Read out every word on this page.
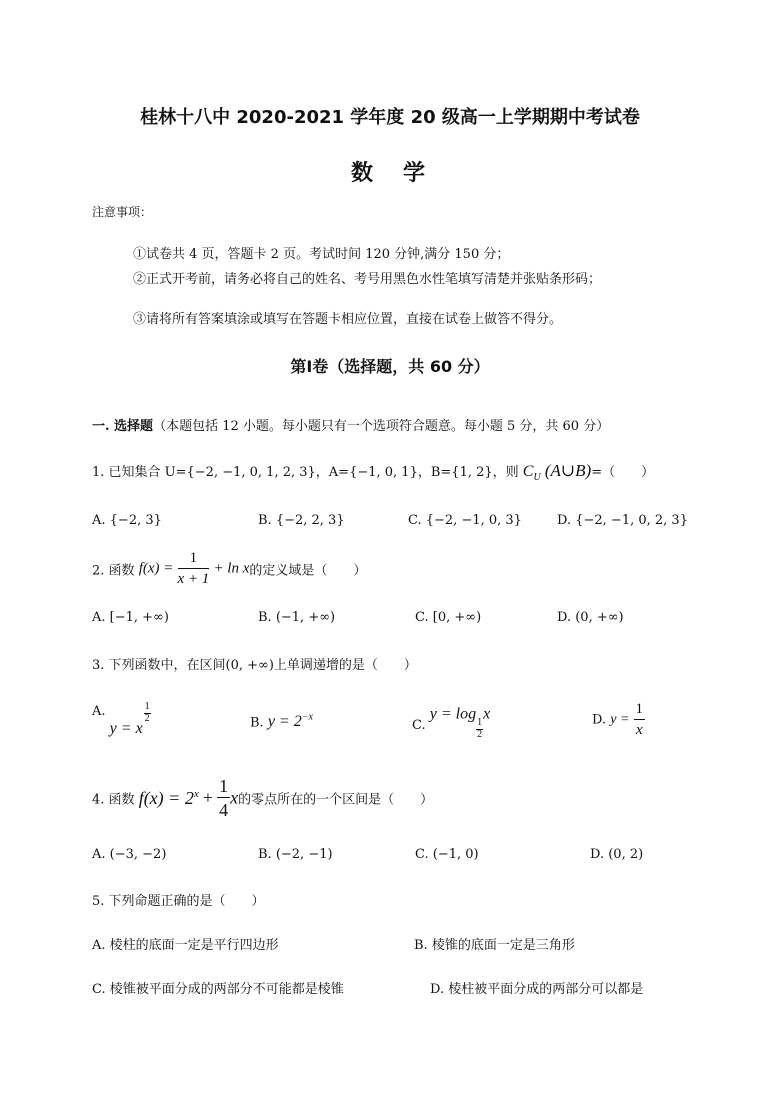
桂林十八中 2020-2021 学年度 20 级高一上学期期中考试卷
数　学
注意事项：
①试卷共 4 页，答题卡 2 页。考试时间 120 分钟,满分 150 分；
②正式开考前，请务必将自己的姓名、考号用黑色水性笔填写清楚并张贴条形码；
③请将所有答案填涂或填写在答题卡相应位置，直接在试卷上做答不得分。
第Ⅰ卷（选择题，共 60 分）
一. 选择题（本题包括 12 小题。每小题只有一个选项符合题意。每小题 5 分，共 60 分）
1. 已知集合 U={−2, −1, 0, 1, 2, 3}，A={−1, 0, 1}，B={1, 2}，则 $C_U$ (A∪B)=（　　）
A. {−2, 3}	B. {−2, 2, 3}	C. {−2, −1, 0, 3}	D. {−2, −1, 0, 2, 3}
2. 函数 $f(x) = \frac{1}{x + 1} + \ln x$的定义域是（　　）
A. [−1, +∞)	B. (−1, +∞)	C. [0, +∞)	D. (0, +∞)
3. 下列函数中，在区间(0, +∞)上单调递增的是（　　）
A. y = x
$\frac{1}{2}$	B. $y = 2^{-x}$	C. y = log
$\frac{1}{2}$
x	D. $y = \frac{1}{x}$
4. 函数 $f(x) = 2^x + \frac{1}{4}$ x的零点所在的一个区间是（　　）
A. (−3, −2)	B. (−2, −1)	C. (−1, 0)	D. (0, 2)
5. 下列命题正确的是（　　）
A. 棱柱的底面一定是平行四边形	B. 棱锥的底面一定是三角形
C. 棱锥被平面分成的两部分不可能都是棱锥	D. 棱柱被平面分成的两部分可以都是
